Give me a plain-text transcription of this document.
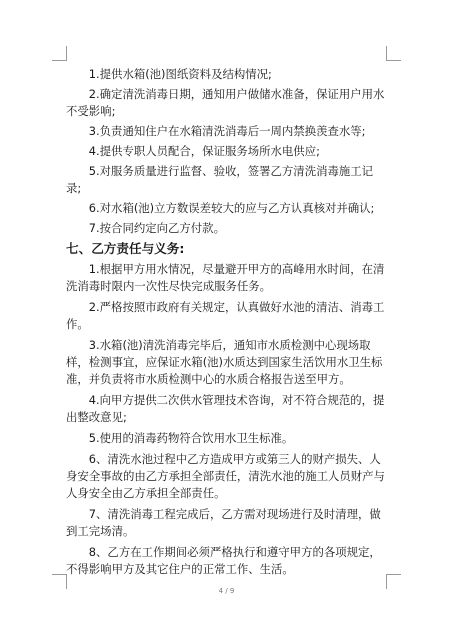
1.提供水箱(池)图纸资料及结构情况;

2.确定清洗消毒日期，通知用户做储水准备，保证用户用水不受影响;

3.负责通知住户在水箱清洗消毒后一周内禁换羡查水等;

4.提供专职人员配合，保证服务场所水电供应;

5.对服务质量进行监督、验收，签署乙方清洗消毒施工记录;

6.对水箱(池)立方数误差较大的应与乙方认真核对并确认;

7.按合同约定向乙方付款。

七、乙方责任与义务:

1.根据甲方用水情况，尽量避开甲方的高峰用水时间，在清洗消毒时限内一次性尽快完成服务任务。

2.严格按照市政府有关规定，认真做好水池的清洁、消毒工作。

3.水箱(池)清洗消毒完毕后，通知市水质检测中心现场取样，检测事宜，应保证水箱(池)水质达到国家生活饮用水卫生标准，并负责将市水质检测中心的水质合格报告送至甲方。

4.向甲方提供二次供水管理技术咨询，对不符合规范的，提出整改意见;

5.使用的消毒药物符合饮用水卫生标准。

6、清洗水池过程中乙方造成甲方或第三人的财产损失、人身安全事故的由乙方承担全部责任，清洗水池的施工人员财产与人身安全由乙方承担全部责任。

7、清洗消毒工程完成后，乙方需对现场进行及时清理，做到工完场清。

8、乙方在工作期间必须严格执行和遵守甲方的各项规定，不得影响甲方及其它住户的正常工作、生活。

4 / 9
